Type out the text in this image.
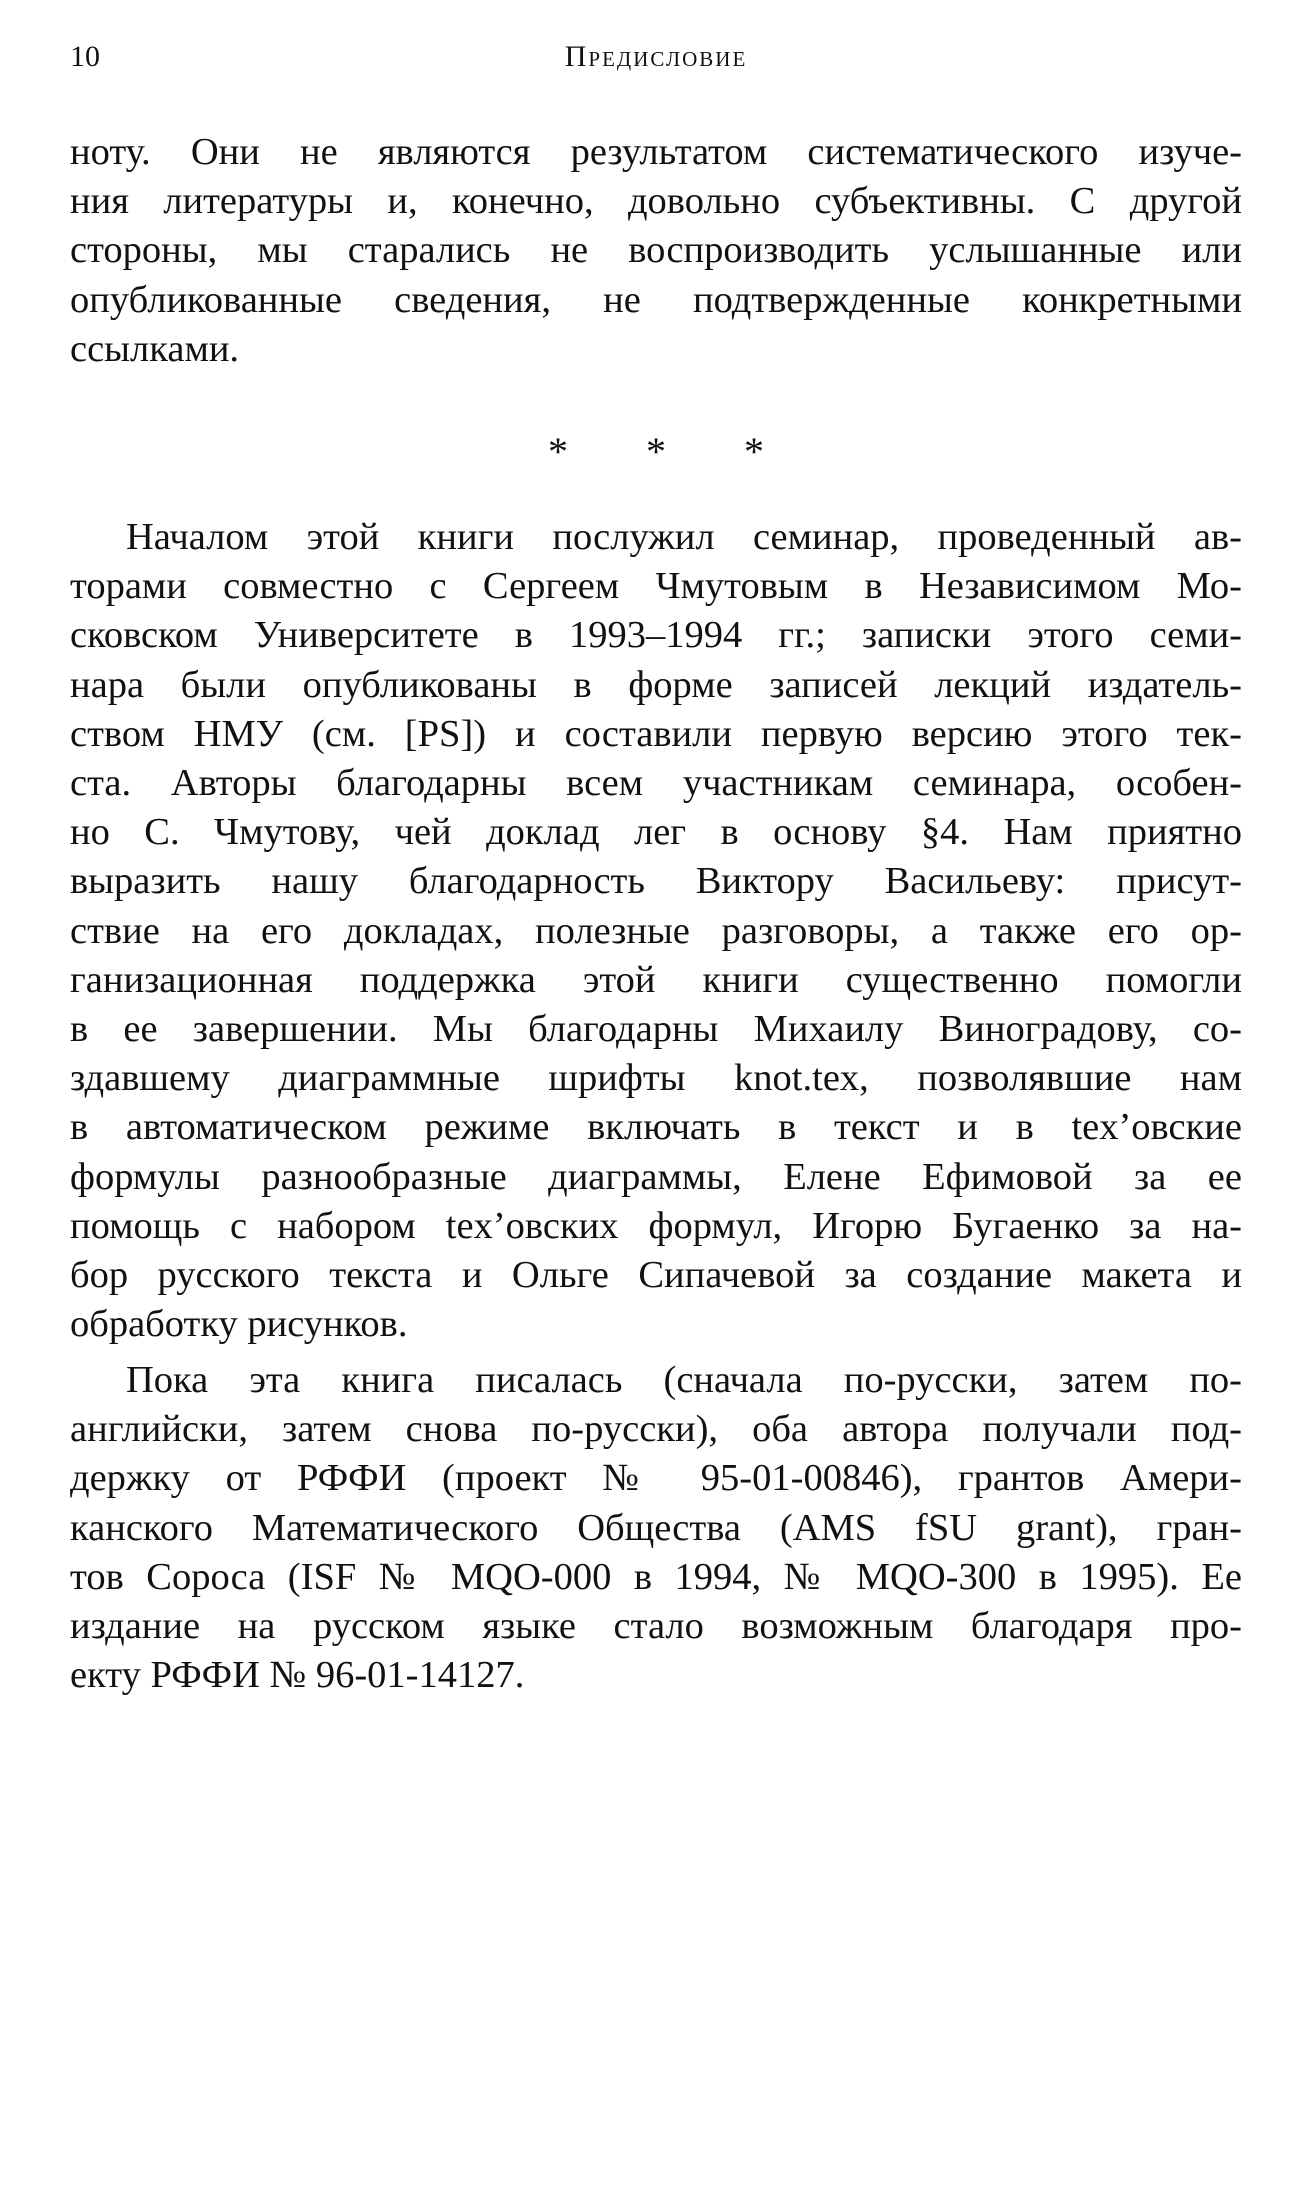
10	Предисловие

ноту. Они не являются результатом систематического изуче-
ния литературы и, конечно, довольно субъективны. С другой
стороны, мы старались не воспроизводить услышанные или
опубликованные сведения, не подтвержденные конкретными
ссылками.

* * *

Началом этой книги послужил семинар, проведенный ав-
торами совместно с Сергеем Чмутовым в Независимом Мо-
сковском Университете в 1993–1994 гг.; записки этого семи-
нара были опубликованы в форме записей лекций издатель-
ством НМУ (см. [PS]) и составили первую версию этого тек-
ста. Авторы благодарны всем участникам семинара, особен-
но С. Чмутову, чей доклад лег в основу §4. Нам приятно
выразить нашу благодарность Виктору Васильеву: присут-
ствие на его докладах, полезные разговоры, а также его ор-
ганизационная поддержка этой книги существенно помогли
в ее завершении. Мы благодарны Михаилу Виноградову, со-
здавшему диаграммные шрифты knot.tex, позволявшие нам
в автоматическом режиме включать в текст и в tex’овские
формулы разнообразные диаграммы, Елене Ефимовой за ее
помощь с набором tex’овских формул, Игорю Бугаенко за на-
бор русского текста и Ольге Сипачевой за создание макета и
обработку рисунков.

Пока эта книга писалась (сначала по-русски, затем по-
английски, затем снова по-русски), оба автора получали под-
держку от РФФИ (проект № 95-01-00846), грантов Амери-
канского Математического Общества (AMS fSU grant), гран-
тов Сороса (ISF № MQO-000 в 1994, № MQO-300 в 1995). Ее
издание на русском языке стало возможным благодаря про-
екту РФФИ № 96-01-14127.
